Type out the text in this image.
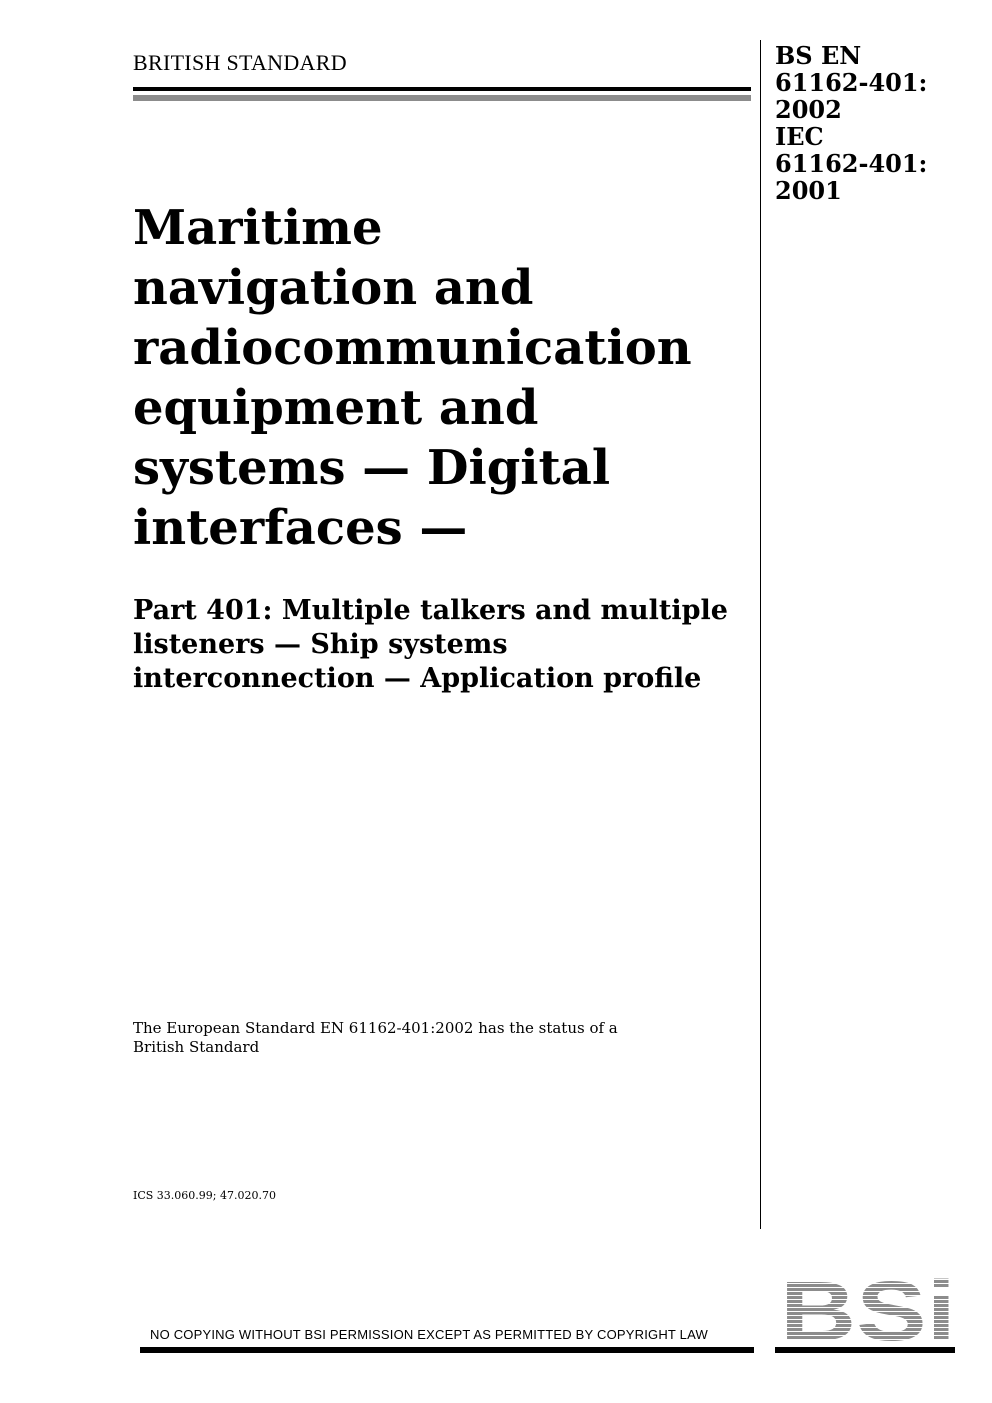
BRITISH STANDARD	BS EN
61162-401:
2002
IEC
61162-401:
2001
Maritime
navigation and
radiocommunication
equipment and
systems — Digital
interfaces —
Part 401: Multiple talkers and multiple
listeners — Ship systems
interconnection — Application profile
The European Standard EN 61162-401:2002 has the status of a
British Standard
ICS 33.060.99; 47.020.70
BSi
NO COPYING WITHOUT BSI PERMISSION EXCEPT AS PERMITTED BY COPYRIGHT LAW
